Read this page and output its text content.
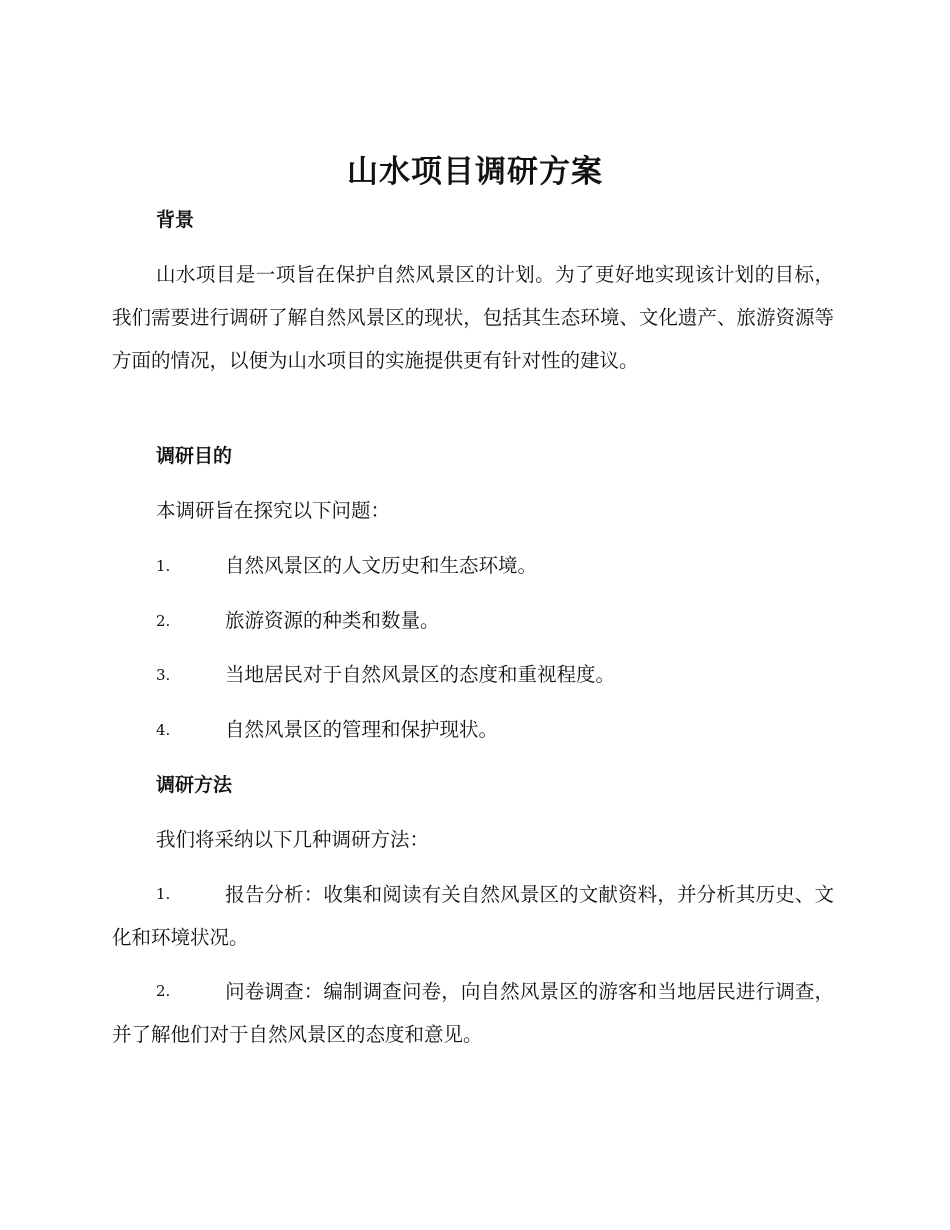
山水项目调研方案
背景

山水项目是一项旨在保护自然风景区的计划。为了更好地实现该计划的目标，我们需要进行调研了解自然风景区的现状，包括其生态环境、文化遗产、旅游资源等方面的情况，以便为山水项目的实施提供更有针对性的建议。

调研目的
本调研旨在探究以下问题：
1.	自然风景区的人文历史和生态环境。
2.	旅游资源的种类和数量。
3.	当地居民对于自然风景区的态度和重视程度。
4.	自然风景区的管理和保护现状。
调研方法
我们将采纳以下几种调研方法：

1.	报告分析：收集和阅读有关自然风景区的文献资料，并分析其历史、文化和环境状况。

2.	问卷调查：编制调查问卷，向自然风景区的游客和当地居民进行调查，并了解他们对于自然风景区的态度和意见。
